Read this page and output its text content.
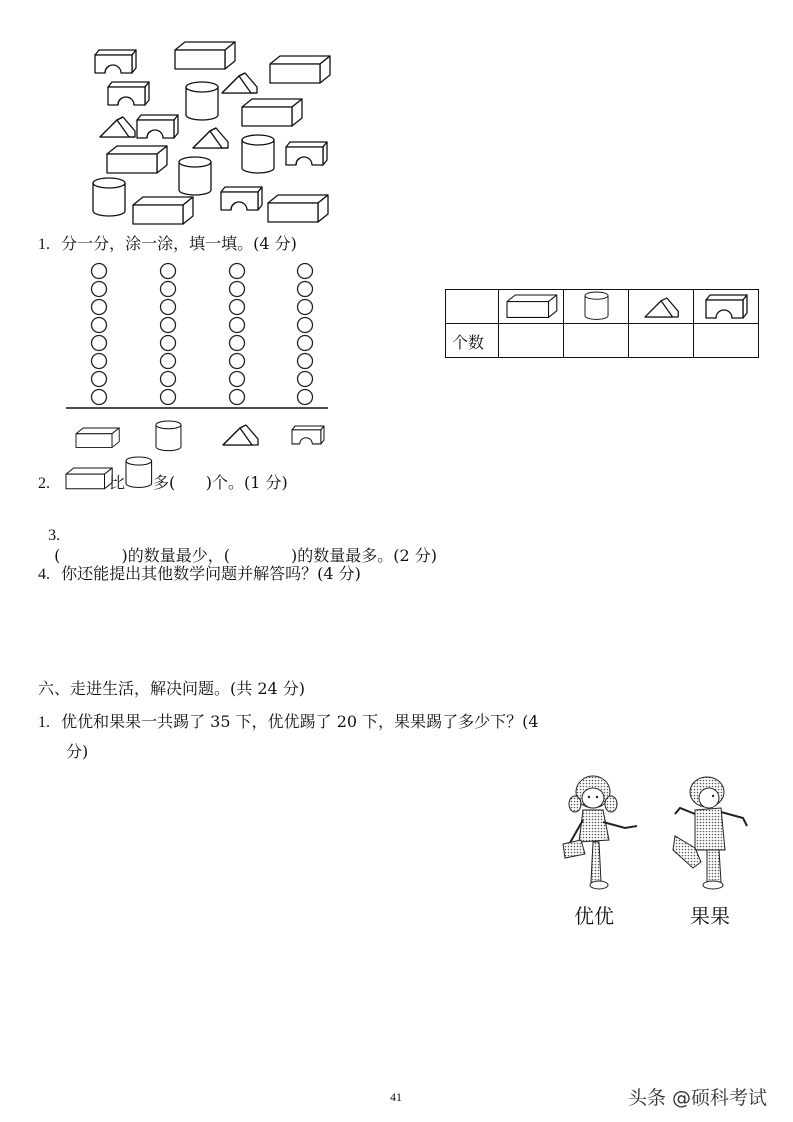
1. 分一分，涂一涂，填一填。(4 分)

个数				

2.	比 多(      )个。(1 分)

3.
(            )的数量最少，(            )的数量最多。(2 分)

4. 你还能提出其他数学问题并解答吗？(4 分)
六、走进生活，解决问题。(共 24 分)
1. 优优和果果一共踢了 35 下，优优踢了 20 下，果果踢了多少下？(4
分)
优优	果果
41	头条 @硕科考试
